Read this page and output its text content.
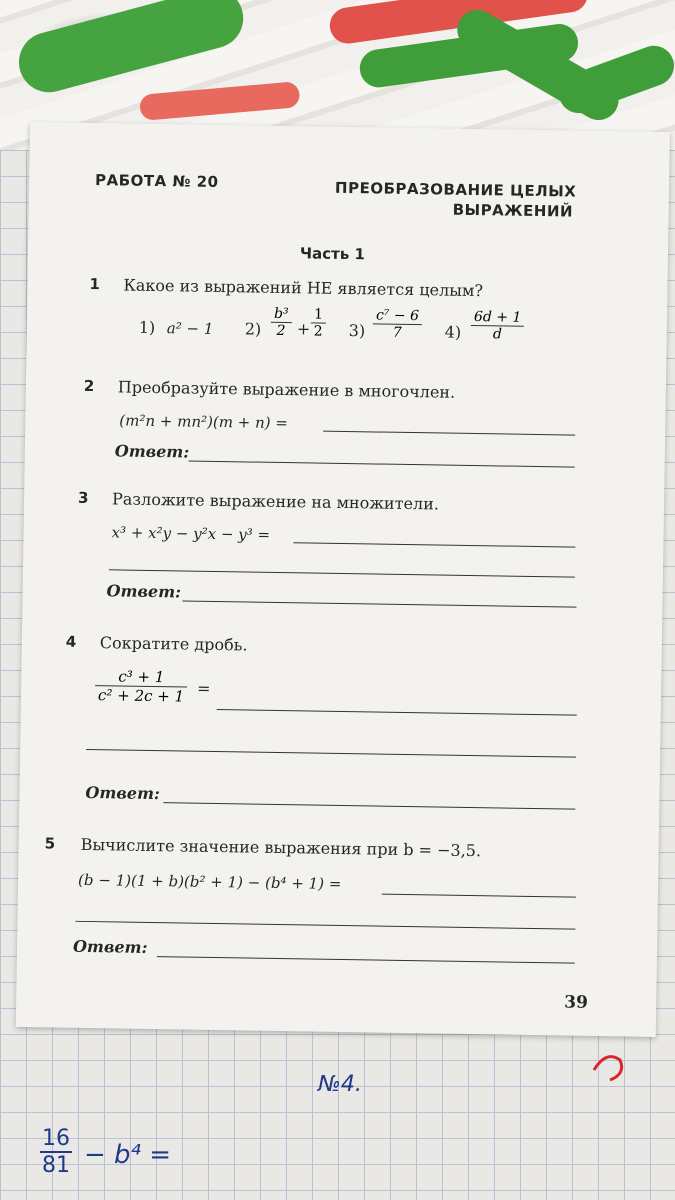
РАБОТА № 20	ПРЕОБРАЗОВАНИЕ ЦЕЛЫХ
ВЫРАЖЕНИЙ
Часть 1
1 Какое из выражений НЕ является целым?
1) a² − 1 $2) \frac{\text{b³}}{2} + \frac{1}{2} 3) \frac{\text{c⁷ − 6}}{7} 4) \frac{6d + 1}{d}$
2 Преобразуйте выражение в многочлен.
(m²n + mn²)(m + n) =
Ответ:
3 Разложите выражение на множители.
x³ + x²y − y²x − y³ =
Ответ:
4 Сократите дробь.
$\frac{\text{c³ + 1}}{\text{c² + 2c + 1}}$ =
Ответ:
5 Вычислите значение выражения при b = −3,5.
(b − 1)(1 + b)(b² + 1) − (b⁴ + 1) =
Ответ:
39
№4.
16
81 − b⁴ =
